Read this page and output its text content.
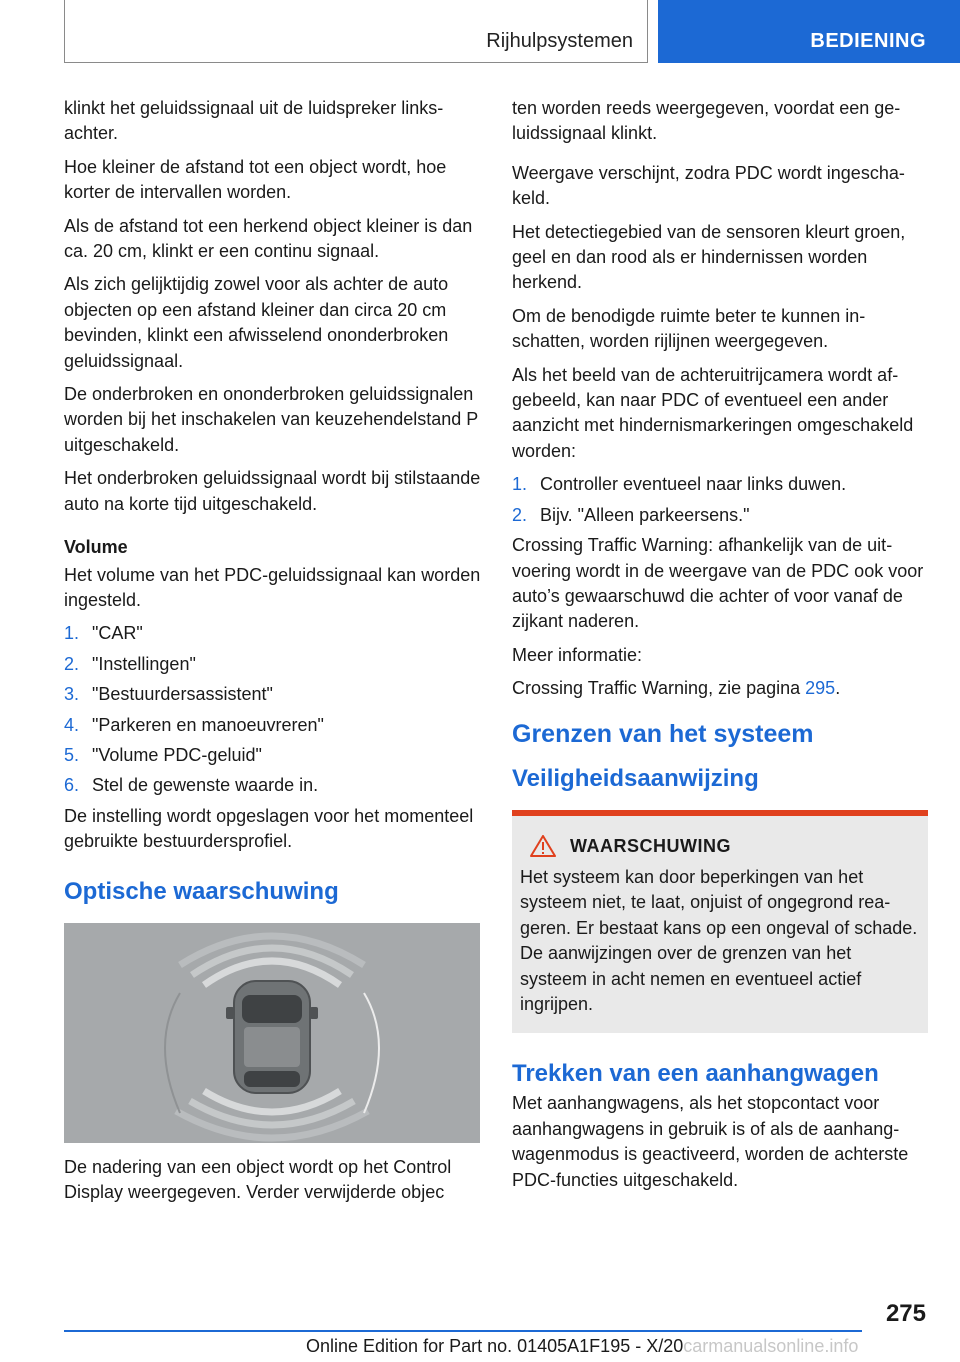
Rijhulpsystemen	BEDIENING

klinkt het geluidssignaal uit de luidspreker linksachter.

Hoe kleiner de afstand tot een object wordt, hoe korter de intervallen worden.

Als de afstand tot een herkend object kleiner is dan ca. 20 cm, klinkt er een continu signaal.

Als zich gelijktijdig zowel voor als achter de auto objecten op een afstand kleiner dan circa 20 cm bevinden, klinkt een afwisselend ononderbroken geluidssignaal.

De onderbroken en ononderbroken geluidssignalen worden bij het inschakelen van keuzehendelstand P uitgeschakeld.

Het onderbroken geluidssignaal wordt bij stilstaande auto na korte tijd uitgeschakeld.

Volume

Het volume van het PDC-geluidssignaal kan worden ingesteld.

1. "CAR"
2. "Instellingen"
3. "Bestuurdersassistent"
4. "Parkeren en manoeuvreren"
5. "Volume PDC-geluid"
6. Stel de gewenste waarde in.

De instelling wordt opgeslagen voor het momenteel gebruikte bestuurdersprofiel.

Optische waarschuwing

De nadering van een object wordt op het Control Display weergegeven. Verder verwijderde objec

ten worden reeds weergegeven, voordat een geluidssignaal klinkt.

Weergave verschijnt, zodra PDC wordt ingeschakeld.

Het detectiegebied van de sensoren kleurt groen, geel en dan rood als er hindernissen worden herkend.

Om de benodigde ruimte beter te kunnen inschatten, worden rijlijnen weergegeven.

Als het beeld van de achteruitrijcamera wordt afgebeeld, kan naar PDC of eventueel een ander aanzicht met hindernismarkeringen omgeschakeld worden:

1. Controller eventueel naar links duwen.
2. Bijv. "Alleen parkeersens."

Crossing Traffic Warning: afhankelijk van de uitvoering wordt in de weergave van de PDC ook voor auto’s gewaarschuwd die achter of voor vanaf de zijkant naderen.

Meer informatie:

Crossing Traffic Warning, zie pagina 295.

Grenzen van het systeem
Veiligheidsaanwijzing
WAARSCHUWING
Het systeem kan door beperkingen van het systeem niet, te laat, onjuist of ongegrond reageren. Er bestaat kans op een ongeval of schade. De aanwijzingen over de grenzen van het systeem in acht nemen en eventueel actief ingrijpen.
Trekken van een aanhangwagen

Met aanhangwagens, als het stopcontact voor aanhangwagens in gebruik is of als de aanhangwagenmodus is geactiveerd, worden de achterste PDC-functies uitgeschakeld.

275
Online Edition for Part no. 01405A1F195 - X/20carmanualsonline.info
